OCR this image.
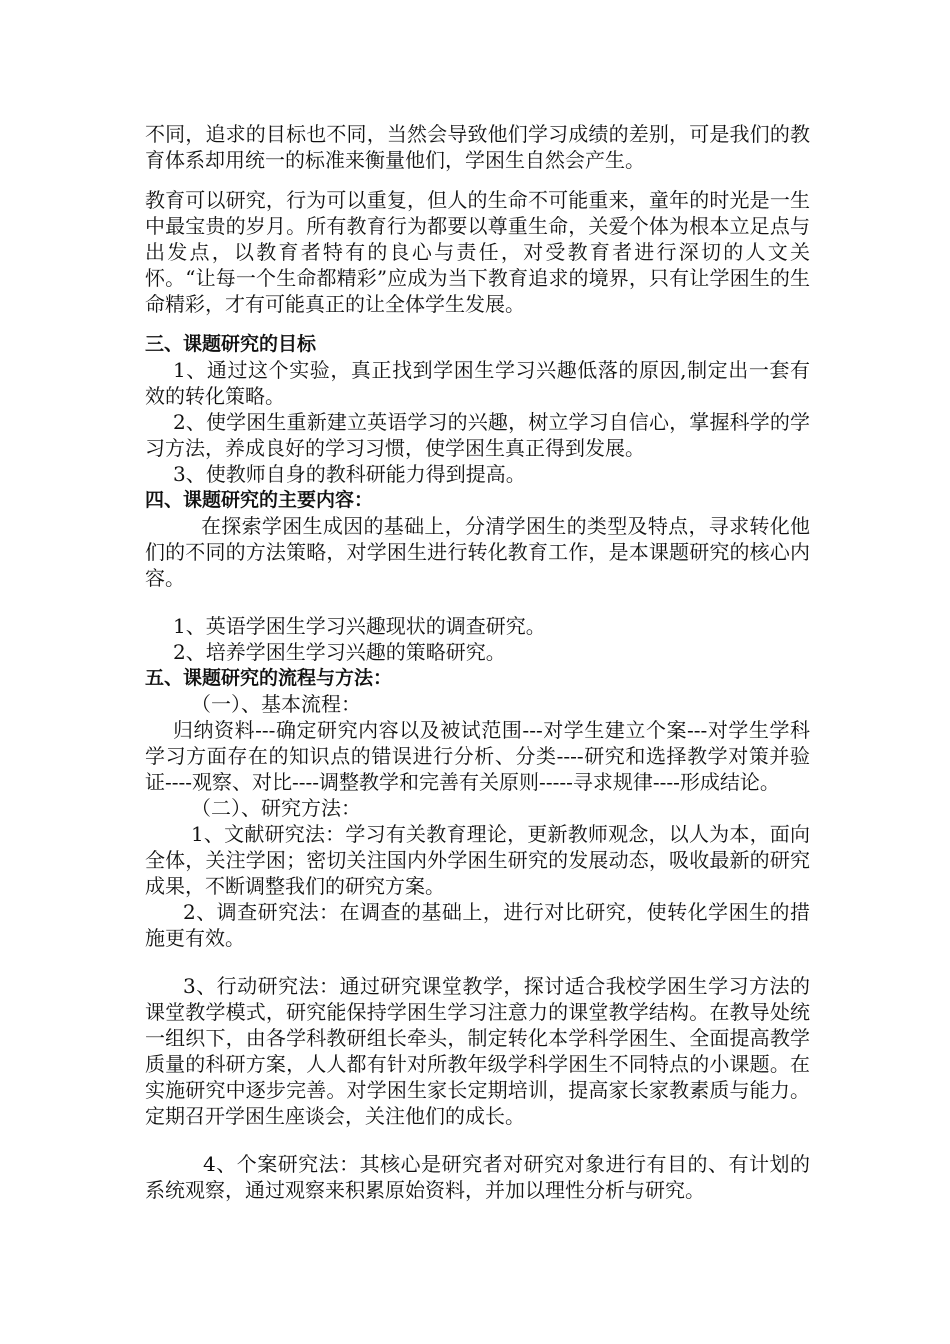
不同，追求的目标也不同，当然会导致他们学习成绩的差别，可是我们的教育体系却用统一的标准来衡量他们，学困生自然会产生。

教育可以研究，行为可以重复，但人的生命不可能重来，童年的时光是一生中最宝贵的岁月。所有教育行为都要以尊重生命，关爱个体为根本立足点与出发点，以教育者特有的良心与责任，对受教育者进行深切的人文关怀。“让每一个生命都精彩”应成为当下教育追求的境界，只有让学困生的生命精彩，才有可能真正的让全体学生发展。

三、课题研究的目标

1、通过这个实验，真正找到学困生学习兴趣低落的原因,制定出一套有效的转化策略。

2、使学困生重新建立英语学习的兴趣，树立学习自信心，掌握科学的学习方法，养成良好的学习习惯，使学困生真正得到发展。

3、使教师自身的教科研能力得到提高。

四、课题研究的主要内容：

在探索学困生成因的基础上，分清学困生的类型及特点，寻求转化他们的不同的方法策略，对学困生进行转化教育工作，是本课题研究的核心内容。

1、英语学困生学习兴趣现状的调查研究。

2、培养学困生学习兴趣的策略研究。

五、课题研究的流程与方法：

（一）、基本流程：

归纳资料---确定研究内容以及被试范围---对学生建立个案---对学生学科学习方面存在的知识点的错误进行分析、分类----研究和选择教学对策并验证----观察、对比----调整教学和完善有关原则-----寻求规律----形成结论。

（二）、研究方法：

1、文献研究法：学习有关教育理论，更新教师观念，以人为本，面向全体，关注学困；密切关注国内外学困生研究的发展动态，吸收最新的研究成果，不断调整我们的研究方案。

2、调查研究法：在调查的基础上，进行对比研究，使转化学困生的措施更有效。

3、行动研究法：通过研究课堂教学，探讨适合我校学困生学习方法的课堂教学模式，研究能保持学困生学习注意力的课堂教学结构。在教导处统一组织下，由各学科教研组长牵头，制定转化本学科学困生、全面提高教学质量的科研方案，人人都有针对所教年级学科学困生不同特点的小课题。在实施研究中逐步完善。对学困生家长定期培训，提高家长家教素质与能力。定期召开学困生座谈会，关注他们的成长。

4、个案研究法：其核心是研究者对研究对象进行有目的、有计划的系统观察，通过观察来积累原始资料，并加以理性分析与研究。
